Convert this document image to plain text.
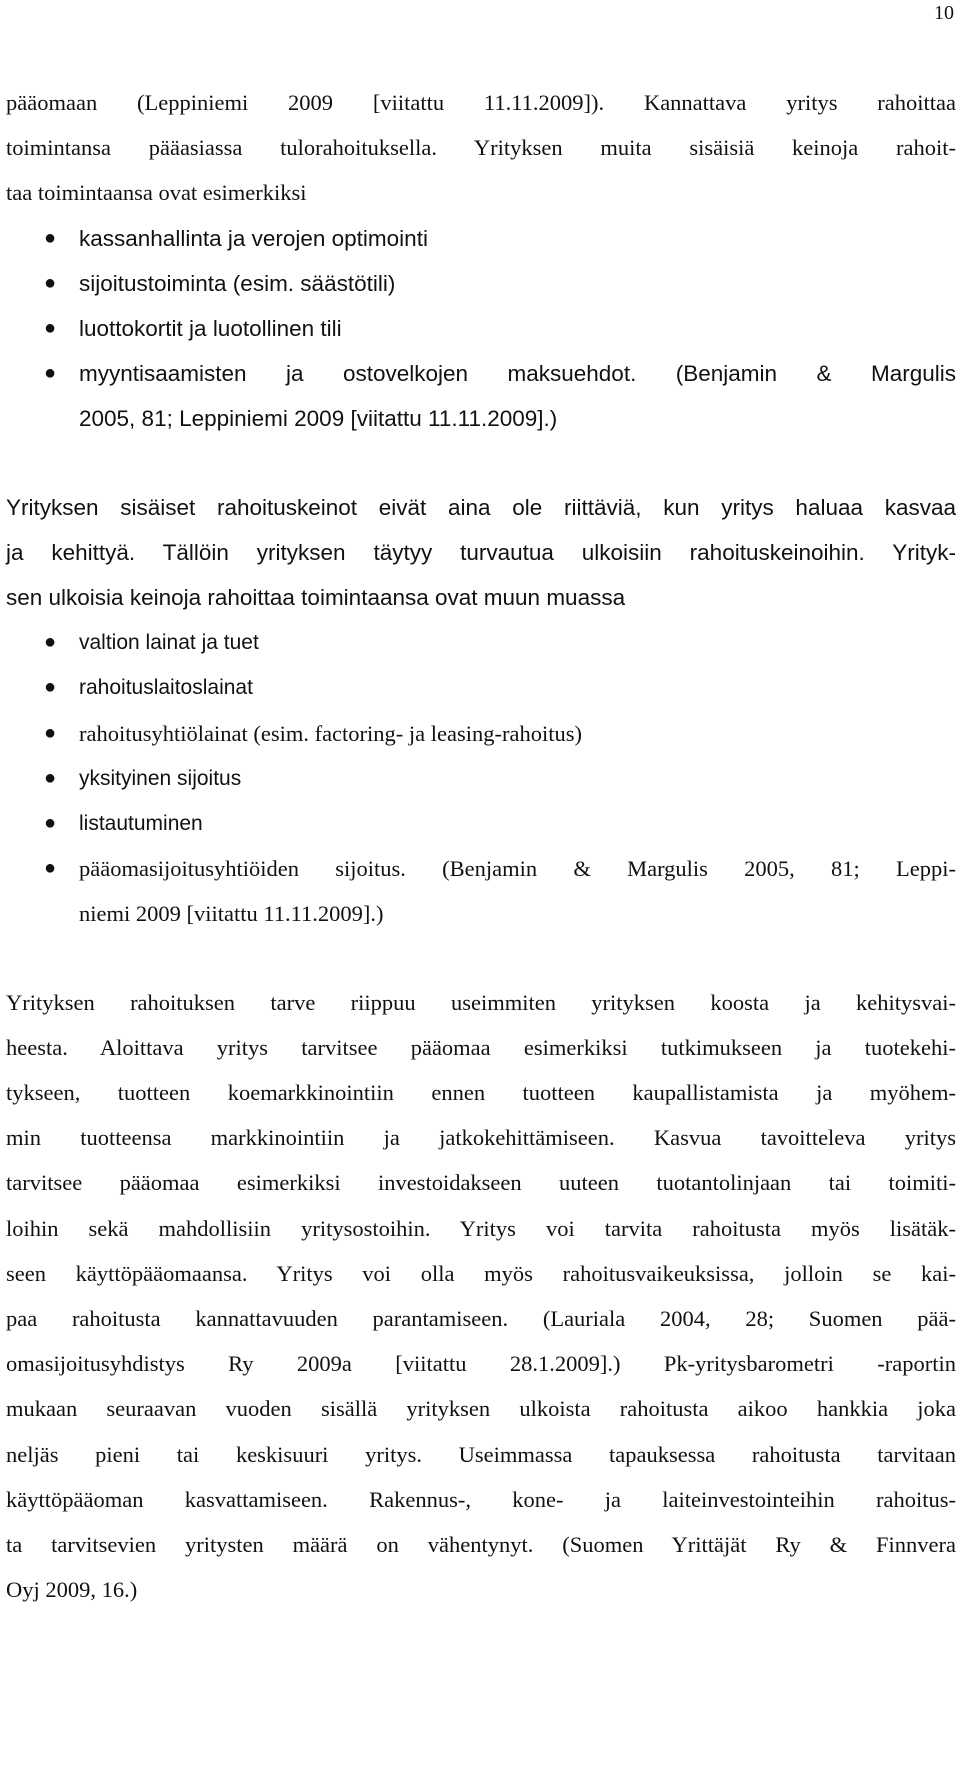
10

pääomaan (Leppiniemi 2009 [viitattu 11.11.2009]). Kannattava yritys rahoittaa

toimintansa pääasiassa tulorahoituksella. Yrityksen muita sisäisiä keinoja rahoit-

taa toimintaansa ovat esimerkiksi

● kassanhallinta ja verojen optimointi
● sijoitustoiminta (esim. säästötili)
● luottokortit ja luotollinen tili
● myyntisaamisten ja ostovelkojen maksuehdot. (Benjamin & Margulis
2005, 81; Leppiniemi 2009 [viitattu 11.11.2009].)

Yrityksen sisäiset rahoituskeinot eivät aina ole riittäviä, kun yritys haluaa kasvaa

ja kehittyä. Tällöin yrityksen täytyy turvautua ulkoisiin rahoituskeinoihin. Yrityk-

sen ulkoisia keinoja rahoittaa toimintaansa ovat muun muassa

● valtion lainat ja tuet
● rahoituslaitoslainat
● rahoitusyhtiölainat (esim. factoring- ja leasing-rahoitus)
● yksityinen sijoitus
● listautuminen
● pääomasijoitusyhtiöiden sijoitus. (Benjamin & Margulis 2005, 81; Leppi-
niemi 2009 [viitattu 11.11.2009].)

Yrityksen rahoituksen tarve riippuu useimmiten yrityksen koosta ja kehitysvai-

heesta. Aloittava yritys tarvitsee pääomaa esimerkiksi tutkimukseen ja tuotekehi-

tykseen, tuotteen koemarkkinointiin ennen tuotteen kaupallistamista ja myöhem-

min tuotteensa markkinointiin ja jatkokehittämiseen. Kasvua tavoitteleva yritys

tarvitsee pääomaa esimerkiksi investoidakseen uuteen tuotantolinjaan tai toimiti-

loihin sekä mahdollisiin yritysostoihin. Yritys voi tarvita rahoitusta myös lisätäk-

seen käyttöpääomaansa. Yritys voi olla myös rahoitusvaikeuksissa, jolloin se kai-

paa rahoitusta kannattavuuden parantamiseen. (Lauriala 2004, 28; Suomen pää-

omasijoitusyhdistys Ry 2009a [viitattu 28.1.2009].) Pk-yritysbarometri -raportin

mukaan seuraavan vuoden sisällä yrityksen ulkoista rahoitusta aikoo hankkia joka

neljäs pieni tai keskisuuri yritys. Useimmassa tapauksessa rahoitusta tarvitaan

käyttöpääoman kasvattamiseen. Rakennus-, kone- ja laiteinvestointeihin rahoitus-

ta tarvitsevien yritysten määrä on vähentynyt. (Suomen Yrittäjät Ry & Finnvera

Oyj 2009, 16.)
